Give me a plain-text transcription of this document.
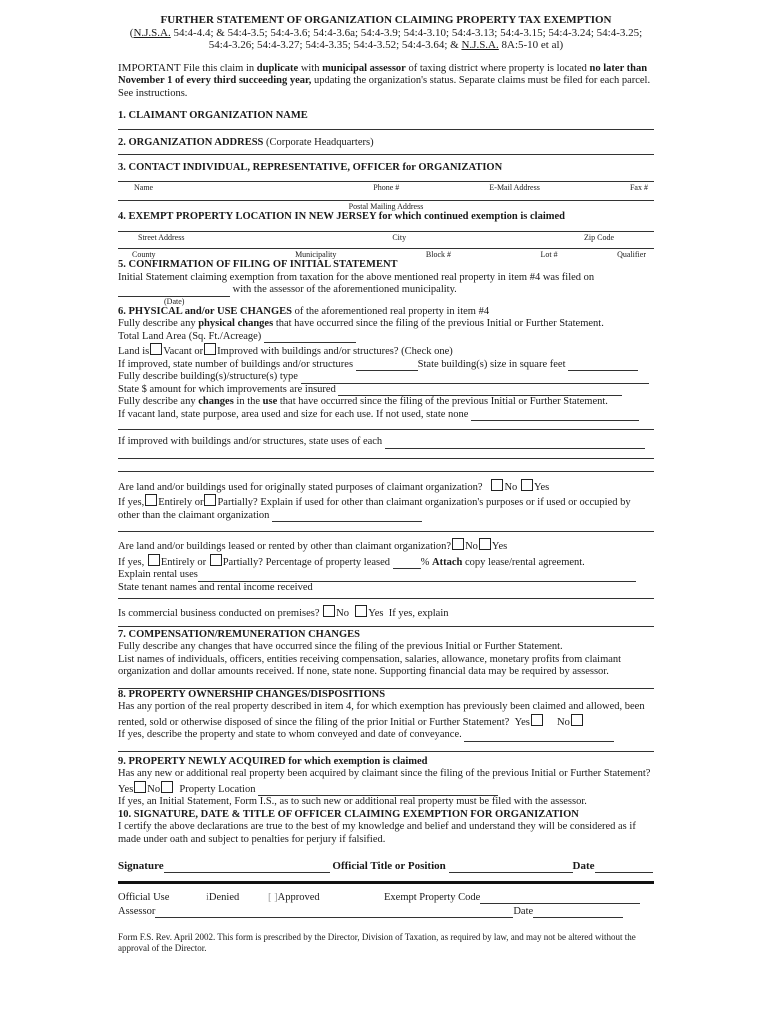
FURTHER STATEMENT OF ORGANIZATION CLAIMING PROPERTY TAX EXEMPTION
(N.J.S.A. 54:4-4.4; & 54:4-3.5; 54:4-3.6; 54:4-3.6a; 54:4-3.9; 54:4-3.10; 54:4-3.13; 54:4-3.15; 54:4-3.24; 54:4-3.25;
54:4-3.26; 54:4-3.27; 54:4-3.35; 54:4-3.52; 54:4-3.64; & N.J.S.A. 8A:5-10 et al)
IMPORTANT File this claim in duplicate with municipal assessor of taxing district where property is located no later than November 1 of every third succeeding year, updating the organization's status. Separate claims must be filed for each parcel. See instructions.
1. CLAIMANT ORGANIZATION NAME
2. ORGANIZATION ADDRESS (Corporate Headquarters)
3. CONTACT INDIVIDUAL, REPRESENTATIVE, OFFICER for ORGANIZATION
Name	Phone #	E-Mail Address	Fax #
Postal Mailing Address
4. EXEMPT PROPERTY LOCATION IN NEW JERSEY for which continued exemption is claimed
Street Address	City	Zip Code
County	Municipality	Block #	Lot #	Qualifier
5. CONFIRMATION OF FILING OF INITIAL STATEMENT
Initial Statement claiming exemption from taxation for the above mentioned real property in item #4 was filed on
with the assessor of the aforementioned municipality.
(Date)
6. PHYSICAL and/or USE CHANGES of the aforementioned real property in item #4
Fully describe any physical changes that have occurred since the filing of the previous Initial or Further Statement.
Total Land Area (Sq. Ft./Acreage)
Land is Vacant or Improved with buildings and/or structures? (Check one)
If improved, state number of buildings and/or structures	State building(s) size in square feet
Fully describe building(s)/structure(s) type
State $ amount for which improvements are insured
Fully describe any changes in the use that have occurred since the filing of the previous Initial or Further Statement.
If vacant land, state purpose, area used and size for each use. If not used, state none
If improved with buildings and/or structures, state uses of each
Are land and/or buildings used for originally stated purposes of claimant organization? No Yes
If yes, Entirely or Partially? Explain if used for other than claimant organization's purposes or if used or occupied by other than the claimant organization
Are land and/or buildings leased or rented by other than claimant organization? No Yes
If yes, Entirely or Partially? Percentage of property leased	% Attach copy lease/rental agreement.
Explain rental uses
State tenant names and rental income received
Is commercial business conducted on premises? No Yes If yes, explain
7. COMPENSATION/REMUNERATION CHANGES
Fully describe any changes that have occurred since the filing of the previous Initial or Further Statement.
List names of individuals, officers, entities receiving compensation, salaries, allowance, monetary profits from claimant organization and dollar amounts received. If none, state none. Supporting financial data may be required by assessor.
8. PROPERTY OWNERSHIP CHANGES/DISPOSITIONS
Has any portion of the real property described in item 4, for which exemption has previously been claimed and allowed, been rented, sold or otherwise disposed of since the filing of the prior Initial or Further Statement? Yes	No
If yes, describe the property and state to whom conveyed and date of conveyance.
9. PROPERTY NEWLY ACQUIRED for which exemption is claimed
Has any new or additional real property been acquired by claimant since the filing of the previous Initial or Further Statement? Yes No Property Location
If yes, an Initial Statement, Form I.S., as to such new or additional real property must be filed with the assessor.
10. SIGNATURE, DATE & TITLE OF OFFICER CLAIMING EXEMPTION FOR ORGANIZATION
I certify the above declarations are true to the best of my knowledge and belief and understand they will be considered as if made under oath and subject to penalties for perjury if falsified.
Signature	Official Title or Position	Date
Official Use	iDenied	[ ]Approved	Exempt Property Code
Assessor	Date
Form F.S. Rev. April 2002. This form is prescribed by the Director, Division of Taxation, as required by law, and may not be altered without the approval of the Director.
